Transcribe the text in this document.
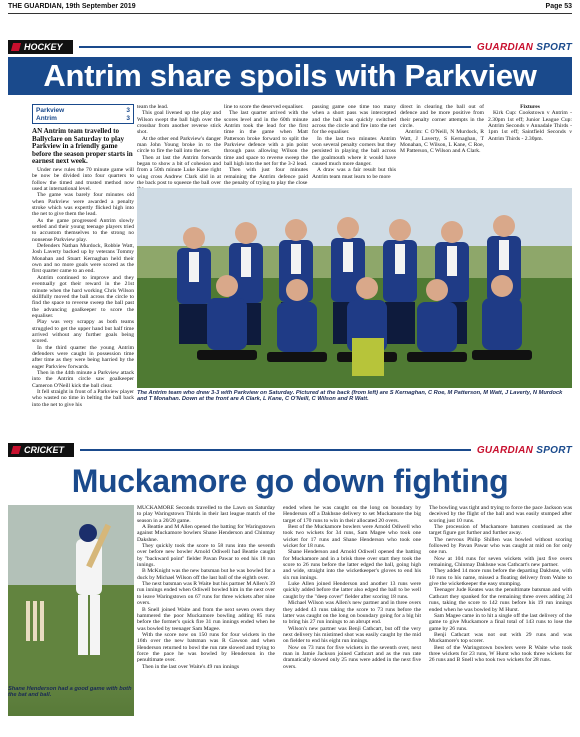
THE GUARDIAN, 19th September 2019	Page 53
HOCKEY	GUARDIAN SPORT
Antrim share spoils with Parkview
Parkview	3
Antrim	3

AN Antrim team travelled to Ballyclare on Saturday to play Parkview in a friendly game before the season proper starts in earnest next week.

Under new rules the 70 minute game will be now be divided into four quarters to follow the timed and trusted method now used at international level.

The game was barely four minutes old when Parkview were awarded a penalty stroke which was expertly flicked high into the net to give them the lead.

As the game progressed Antrim slowly settled and their young teenage players tried to accustom themselves to the strong no nonsense Parkview play.

Defenders Nathan Murdock, Robbie Watt, Josh Laverty backed up by veterans Tommy Monahan and Stuart Kernaghan held their own and no more goals were scored as the first quarter came to an end.

Antrim continued to improve and they eventually got their reward in the 21st minute when the hard working Chris Wilson skillfully moved the ball across the circle to find the space to reverse sweep the ball past the advancing goalkeeper to score the equaliser.

Play was very scrappy as both teams struggled to get the upper hand but half time arrived without any further goals being scored.

In the third quarter the young Antrim defenders were caught in possession time after time as they were being harried by the eager Parkview forwards.

Then in the 44th minute a Parkview attack into the Antrim circle saw goalkeeper Cameron O'Neill kick the ball clear.

It fell straight in front of a Parkview player who wasted no time in belting the ball back into the net to give his

team the lead.

This goal livened up the play and Wilson swept the ball high over the crossbar from another reverse stick shot.

At the other end Parkview's danger man John Young broke in to the circle to fire the ball into the net.

Then at last the Antrim forwards began to show a bit of cohesion and from a 50th minute Luke Kane right wing cross Andrew Clark slid in at the back post to squeeze the ball over

line to score the deserved equaliser.

The last quarter arrived with the scores level and in the 60th minute Antrim took the lead for the first time in the game when Matt Patterson broke forward to split the Parkview defence with a pin point through pass allowing Wilson the time and space to reverse sweep the ball high into the net for the 3-2 lead.

Then with just four minutes remaining the Antrim defence paid the penalty of trying to play the close

passing game one time too many when a short pass was intercepted and the ball was quickly switched across the circle and fire into the net for the equaliser.

In the last two minutes Antrim won several penalty corners but they persisted in playing the ball across the goalmouth where it would have caused much more danger.

A draw was a fair result but this Antrim team must learn to be more

direct in clearing the ball out of defence and be more positive from their penalty corner attempts in the circle.

Antrim: C O'Neill, N Murdock, R Watt, J Laverty, S Kernaghan, T Monahan, C Wilson, L Kane, C Roe, M Patterson, C Wilson and A Clark.

Fixtures

Kirk Cup: Cookstown v Antrim - 2.30pm 1st eff; Junior League Cup: Antrim Seconds v Annadale Thirds - 1pm 1st eff; Saintfield Seconds v Antrim Thirds - 2.30pm.

The Antrim team who drew 3-3 with Parkview on Saturday. Pictured at the back (from left) are S Kernaghan, C Roe, M Patterson, M Watt, J Laverty, N Murdock and T Monahan. Down at the front are A Clark, L Kane, C O'Neill, C Wilson and R Watt.
CRICKET	GUARDIAN SPORT
Muckamore go down fighting
Shane Henderson had a good game with both the bat and ball.

MUCKAMORE Seconds travelled to the Lawn on Saturday to play Waringstown Thirds in their last league match of the season in a 20/20 game.

A Beattie and M Allen opened the batting for Waringstown against Muckamore bowlers Shane Henderson and Chinmay Dakshne.

They quickly took the score to 58 runs into the seventh over before new bowler Arnold Odiwell had Beattie caught by "backward point" fielder Pavan Pawar to end his 18 run innings.

B McKnight was the new batsman but he was bowled for a duck by Michael Wilson off the last ball of the eighth over.

The next batsman was R Waite but his partner M Allen's 39 run innings ended when Odiwell bowled him in the next over to leave Waringstown on 67 runs for three wickets after nine overs.

B Snell joined Waite and from the next seven overs they hammered the poor Muckamore bowling adding 85 runs before the former's quick fire 31 run innings ended when he was bowled by teenager Sam Magee.

With the score now on 150 runs for four wickets in the 16th over the new batsman was R Gawson and when Henderson returned to bowl the run rate slowed and trying to force the pace he was bowled by Henderson in the penultimate over.

Then in the last over Waite's 49 run innings

ended when he was caught on the long on boundary by Henderson off a Dakhsne delivery to set Muckamore the big target of 170 runs to win in their allocated 20 overs.

Best of the Muckamore bowlers were Arnold Odiwell who took two wickets for 34 runs, Sam Magee who took one wicket for 17 runs and Shane Henderson who took one wicket for 18 runs.

Shane Henderson and Arnold Odiwell opened the batting for Muckamore and in a brisk three over start they took the score to 26 runs before the latter edged the ball, going high and wide, straight into the wicketkeeper's gloves to end his six run innings.

Luke Allen joined Henderson and another 13 runs were quickly added before the latter also edged the ball to be well caught by the "deep cover" fielder after scoring 18 runs.

Michael Wilson was Allen's new partner and in three overs they added 43 runs taking the score to 73 runs before the latter was caught on the long on boundary going for a big hit to bring his 27 run innings to an abrupt end.

Wilson's new partner was Benji Cathcart, but off the very next delivery his mistimed shot was easily caught by the mid on fielder to end his eight run innings.

Now on 73 runs for five wickets in the seventh over, next man in Jamie Jackson joined Cathcart and as the run rate dramatically slowed only 25 runs were added in the next five overs.

The bowling was tight and trying to force the pace Jackson was deceived by the flight of the ball and was easily stumped after scoring just 10 runs.

The procession of Muckamore batsmen continued as the target figure got further and further away.

The nervous Philip Shillen was bowled without scoring followed by Pavan Pawar who was caught at mid on for only one run.

Now at 104 runs for seven wickets with just five overs remaining, Chinmay Dakhsne was Cathcart's new partner.

They added 14 more runs before the departing Dakhsne, with 10 runs to his name, missed a floating delivery from Waite to give the wicketkeeper the easy stumping.

Teenager Jude Keates was the penultimate batsman and with Cathcart they spanked for the remaining three overs adding 24 runs, taking the score to 142 runs before his 19 run innings ended when he was bowled by M Hurst.

Sam Magee came in to hit a single off the last delivery of the game to give Muckamore a final total of 143 runs to lose the game by 26 runs.

Benji Cathcart was not out with 29 runs and was Muckamore's top scorer.

Best of the Waringstown bowlers were R Waite who took three wickets for 23 runs, W Hurst who took three wickets for 26 runs and B Snell who took two wickets for 28 runs.
